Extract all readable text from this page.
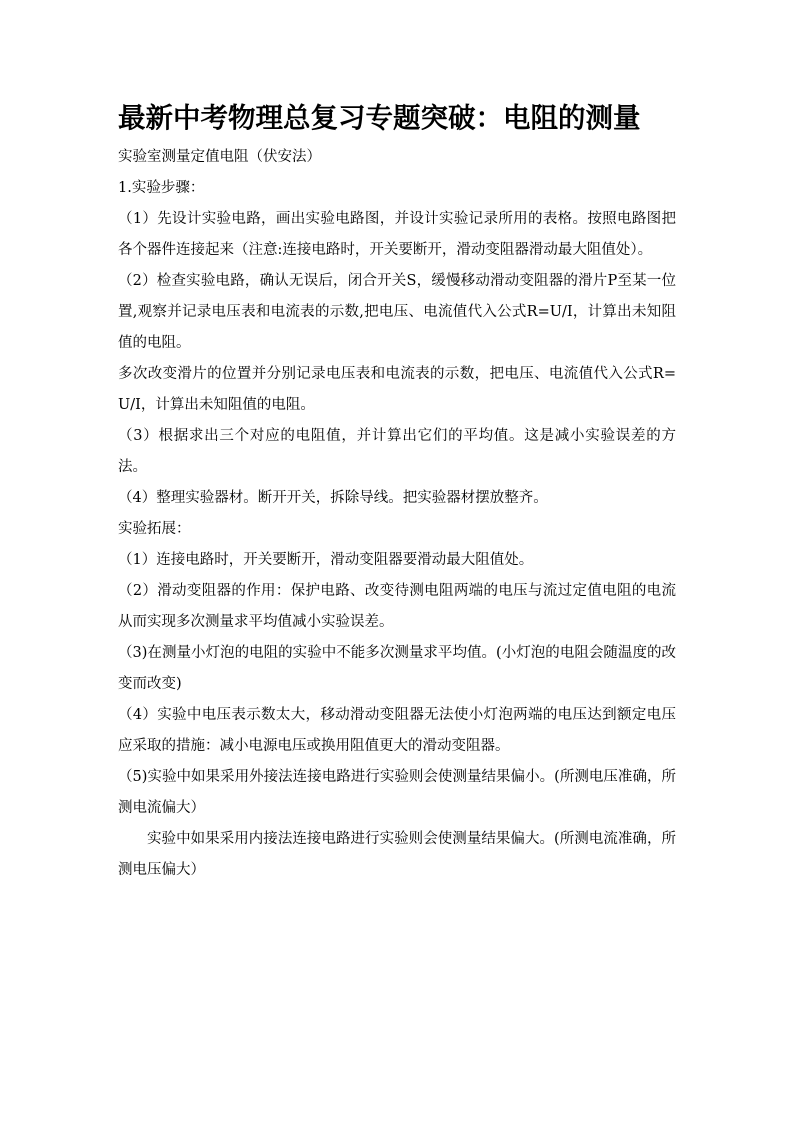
最新中考物理总复习专题突破：电阻的测量

实验室测量定值电阻（伏安法）

1.实验步骤：

（1）先设计实验电路，画出实验电路图，并设计实验记录所用的表格。按照电路图把各个器件连接起来（注意:连接电路时，开关要断开，滑动变阻器滑动最大阻值处）。

（2）检查实验电路，确认无误后，闭合开关S，缓慢移动滑动变阻器的滑片P至某一位置,观察并记录电压表和电流表的示数,把电压、电流值代入公式R=U/I，计算出未知阻值的电阻。

多次改变滑片的位置并分别记录电压表和电流表的示数，把电压、电流值代入公式R=U/I，计算出未知阻值的电阻。

（3）根据求出三个对应的电阻值，并计算出它们的平均值。这是减小实验误差的方法。

（4）整理实验器材。断开开关，拆除导线。把实验器材摆放整齐。

实验拓展：

（1）连接电路时，开关要断开，滑动变阻器要滑动最大阻值处。

（2）滑动变阻器的作用：保护电路、改变待测电阻两端的电压与流过定值电阻的电流从而实现多次测量求平均值减小实验误差。

（3)在测量小灯泡的电阻的实验中不能多次测量求平均值。(小灯泡的电阻会随温度的改变而改变)

（4）实验中电压表示数太大，移动滑动变阻器无法使小灯泡两端的电压达到额定电压应采取的措施：减小电源电压或换用阻值更大的滑动变阻器。

（5)实验中如果采用外接法连接电路进行实验则会使测量结果偏小。(所测电压准确，所测电流偏大）

实验中如果采用内接法连接电路进行实验则会使测量结果偏大。(所测电流准确，所测电压偏大）
